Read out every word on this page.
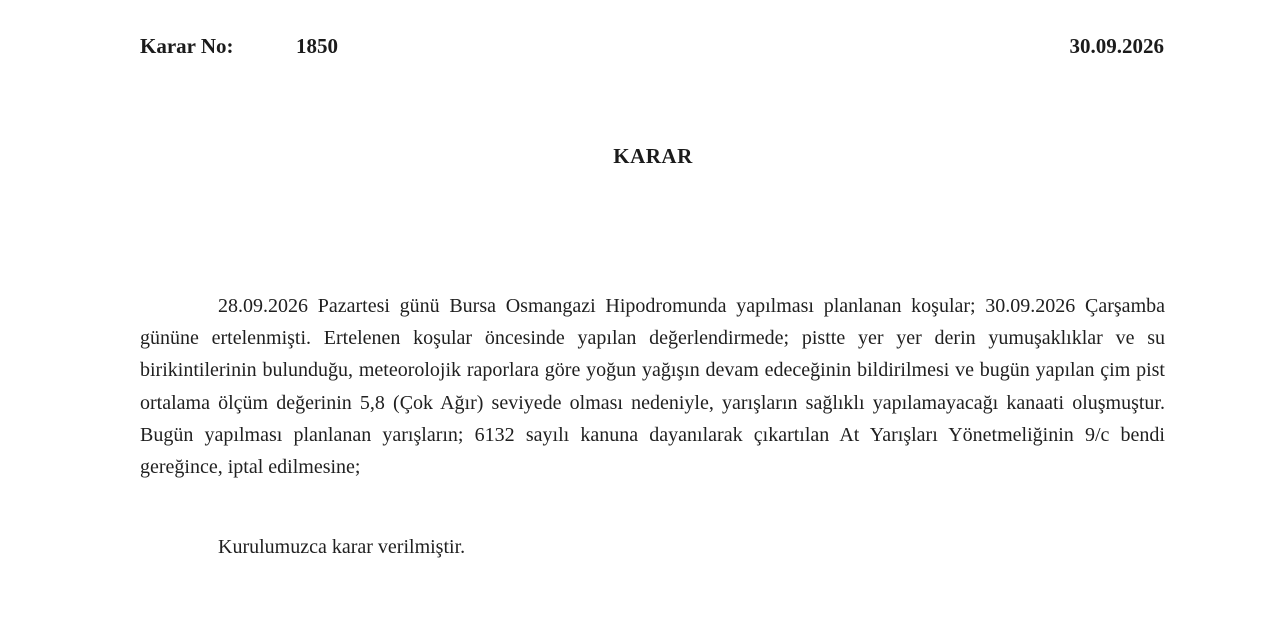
Karar No:	1850	30.09.2026
KARAR

28.09.2026 Pazartesi günü Bursa Osmangazi Hipodromunda yapılması planlanan koşular; 30.09.2026 Çarşamba gününe ertelenmişti. Ertelenen koşular öncesinde yapılan değerlendirmede; pistte yer yer derin yumuşaklıklar ve su birikintilerinin bulunduğu, meteorolojik raporlara göre yoğun yağışın devam edeceğinin bildirilmesi ve bugün yapılan çim pist ortalama ölçüm değerinin 5,8 (Çok Ağır) seviyede olması nedeniyle, yarışların sağlıklı yapılamayacağı kanaati oluşmuştur. Bugün yapılması planlanan yarışların; 6132 sayılı kanuna dayanılarak çıkartılan At Yarışları Yönetmeliğinin 9/c bendi gereğince, iptal edilmesine;

Kurulumuzca karar verilmiştir.
